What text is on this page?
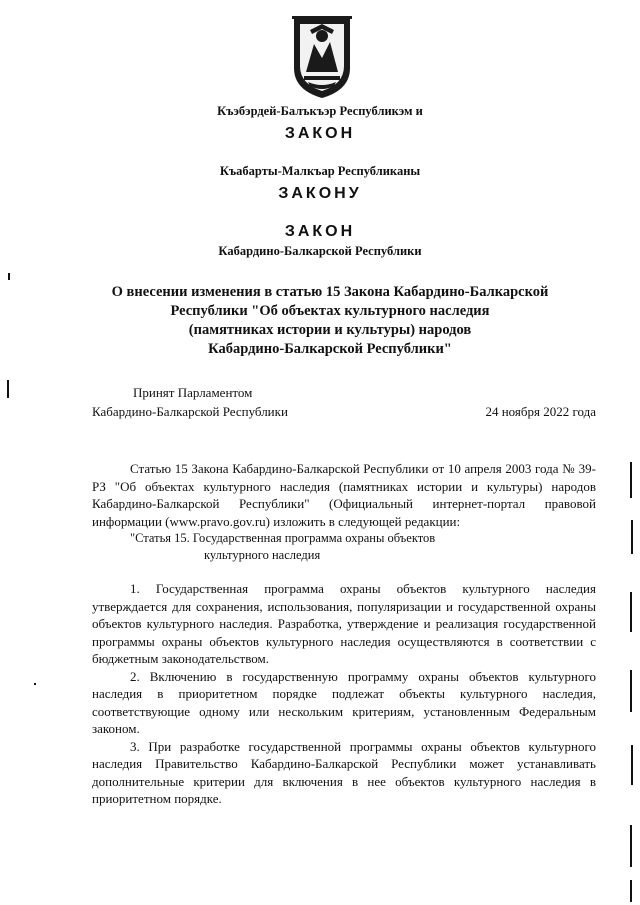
Къэбэрдей-Балъкъэр Республикэм и
ЗАКОН
Къабарты-Малкъар Республиканы
ЗАКОНУ
ЗАКОН
Кабардино-Балкарской Республики
О внесении изменения в статью 15 Закона Кабардино-Балкарской
Республики "Об объектах культурного наследия
(памятниках истории и культуры) народов
Кабардино-Балкарской Республики"
Принят Парламентом
Кабардино-Балкарской Республики	24 ноября 2022 года

Статью 15 Закона Кабардино-Балкарской Республики от 10 апреля 2003 года № 39-РЗ "Об объектах культурного наследия (памятниках истории и культуры) народов Кабардино-Балкарской Республики" (Официальный интернет-портал правовой информации (www.pravo.gov.ru) изложить в следующей редакции:

"Статья 15. Государственная программа охраны объектов
культурного наследия

1. Государственная программа охраны объектов культурного наследия утверждается для сохранения, использования, популяризации и государственной охраны объектов культурного наследия. Разработка, утверждение и реализация государственной программы охраны объектов культурного наследия осуществляются в соответствии с бюджетным законодательством.

2. Включению в государственную программу охраны объектов культурного наследия в приоритетном порядке подлежат объекты культурного наследия, соответствующие одному или нескольким критериям, установленным Федеральным законом.

3. При разработке государственной программы охраны объектов культурного наследия Правительство Кабардино-Балкарской Республики может устанавливать дополнительные критерии для включения в нее объектов культурного наследия в приоритетном порядке.
